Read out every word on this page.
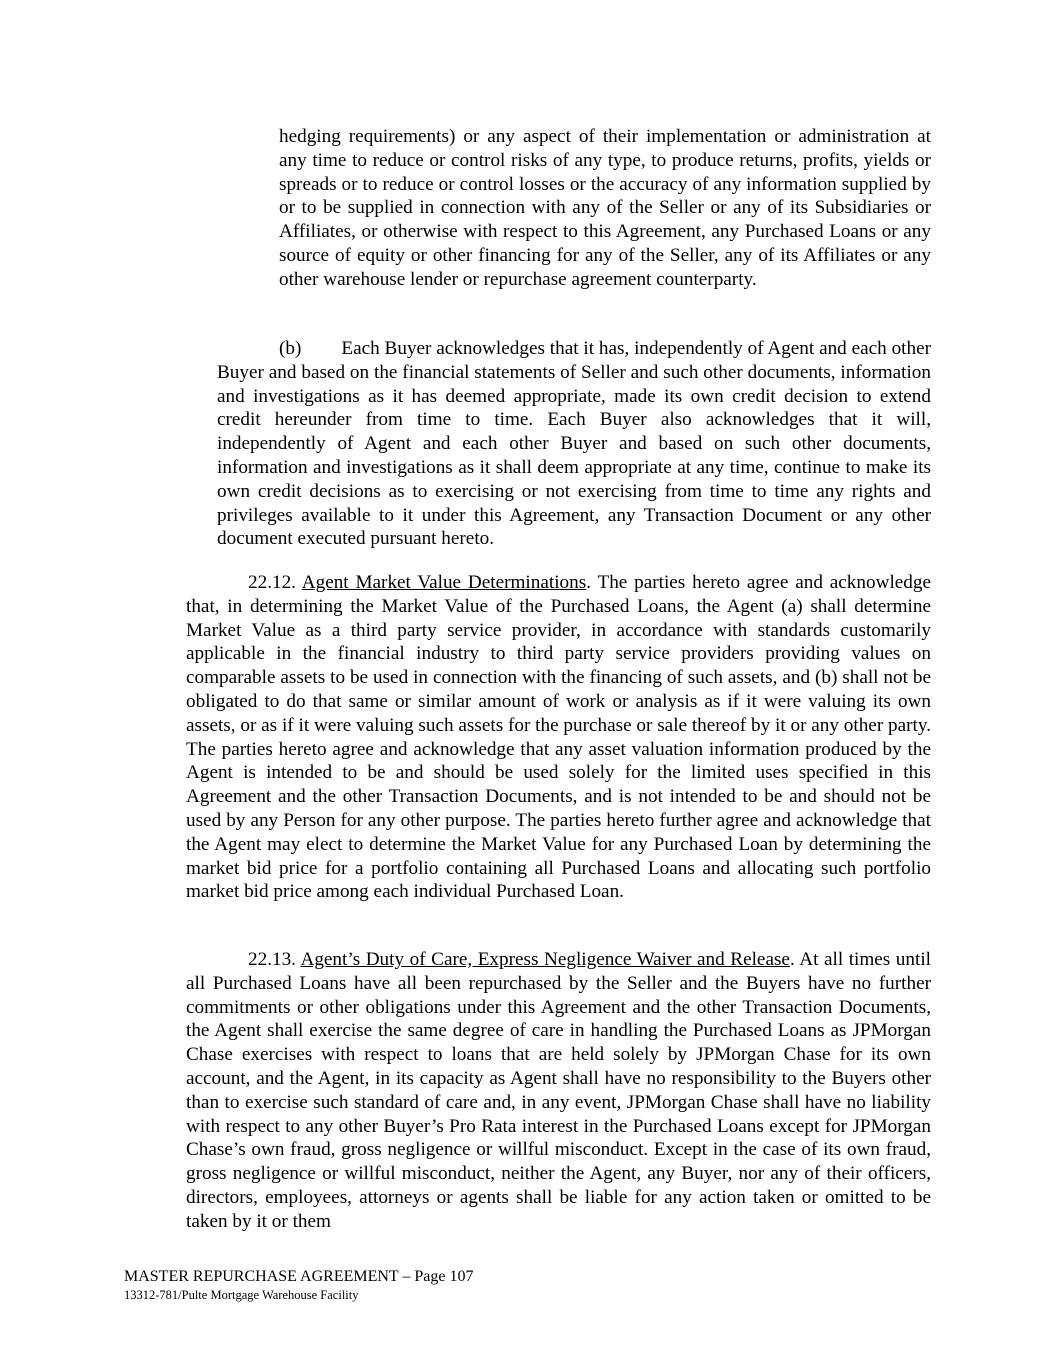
hedging requirements) or any aspect of their implementation or administration at any time to reduce or control risks of any type, to produce returns, profits, yields or spreads or to reduce or control losses or the accuracy of any information supplied by or to be supplied in connection with any of the Seller or any of its Subsidiaries or Affiliates, or otherwise with respect to this Agreement, any Purchased Loans or any source of equity or other financing for any of the Seller, any of its Affiliates or any other warehouse lender or repurchase agreement counterparty.

(b) Each Buyer acknowledges that it has, independently of Agent and each other Buyer and based on the financial statements of Seller and such other documents, information and investigations as it has deemed appropriate, made its own credit decision to extend credit hereunder from time to time. Each Buyer also acknowledges that it will, independently of Agent and each other Buyer and based on such other documents, information and investigations as it shall deem appropriate at any time, continue to make its own credit decisions as to exercising or not exercising from time to time any rights and privileges available to it under this Agreement, any Transaction Document or any other document executed pursuant hereto.

22.12. Agent Market Value Determinations. The parties hereto agree and acknowledge that, in determining the Market Value of the Purchased Loans, the Agent (a) shall determine Market Value as a third party service provider, in accordance with standards customarily applicable in the financial industry to third party service providers providing values on comparable assets to be used in connection with the financing of such assets, and (b) shall not be obligated to do that same or similar amount of work or analysis as if it were valuing its own assets, or as if it were valuing such assets for the purchase or sale thereof by it or any other party. The parties hereto agree and acknowledge that any asset valuation information produced by the Agent is intended to be and should be used solely for the limited uses specified in this Agreement and the other Transaction Documents, and is not intended to be and should not be used by any Person for any other purpose. The parties hereto further agree and acknowledge that the Agent may elect to determine the Market Value for any Purchased Loan by determining the market bid price for a portfolio containing all Purchased Loans and allocating such portfolio market bid price among each individual Purchased Loan.

22.13. Agent’s Duty of Care, Express Negligence Waiver and Release. At all times until all Purchased Loans have all been repurchased by the Seller and the Buyers have no further commitments or other obligations under this Agreement and the other Transaction Documents, the Agent shall exercise the same degree of care in handling the Purchased Loans as JPMorgan Chase exercises with respect to loans that are held solely by JPMorgan Chase for its own account, and the Agent, in its capacity as Agent shall have no responsibility to the Buyers other than to exercise such standard of care and, in any event, JPMorgan Chase shall have no liability with respect to any other Buyer’s Pro Rata interest in the Purchased Loans except for JPMorgan Chase’s own fraud, gross negligence or willful misconduct. Except in the case of its own fraud, gross negligence or willful misconduct, neither the Agent, any Buyer, nor any of their officers, directors, employees, attorneys or agents shall be liable for any action taken or omitted to be taken by it or them

MASTER REPURCHASE AGREEMENT – Page 107
13312-781/Pulte Mortgage Warehouse Facility
